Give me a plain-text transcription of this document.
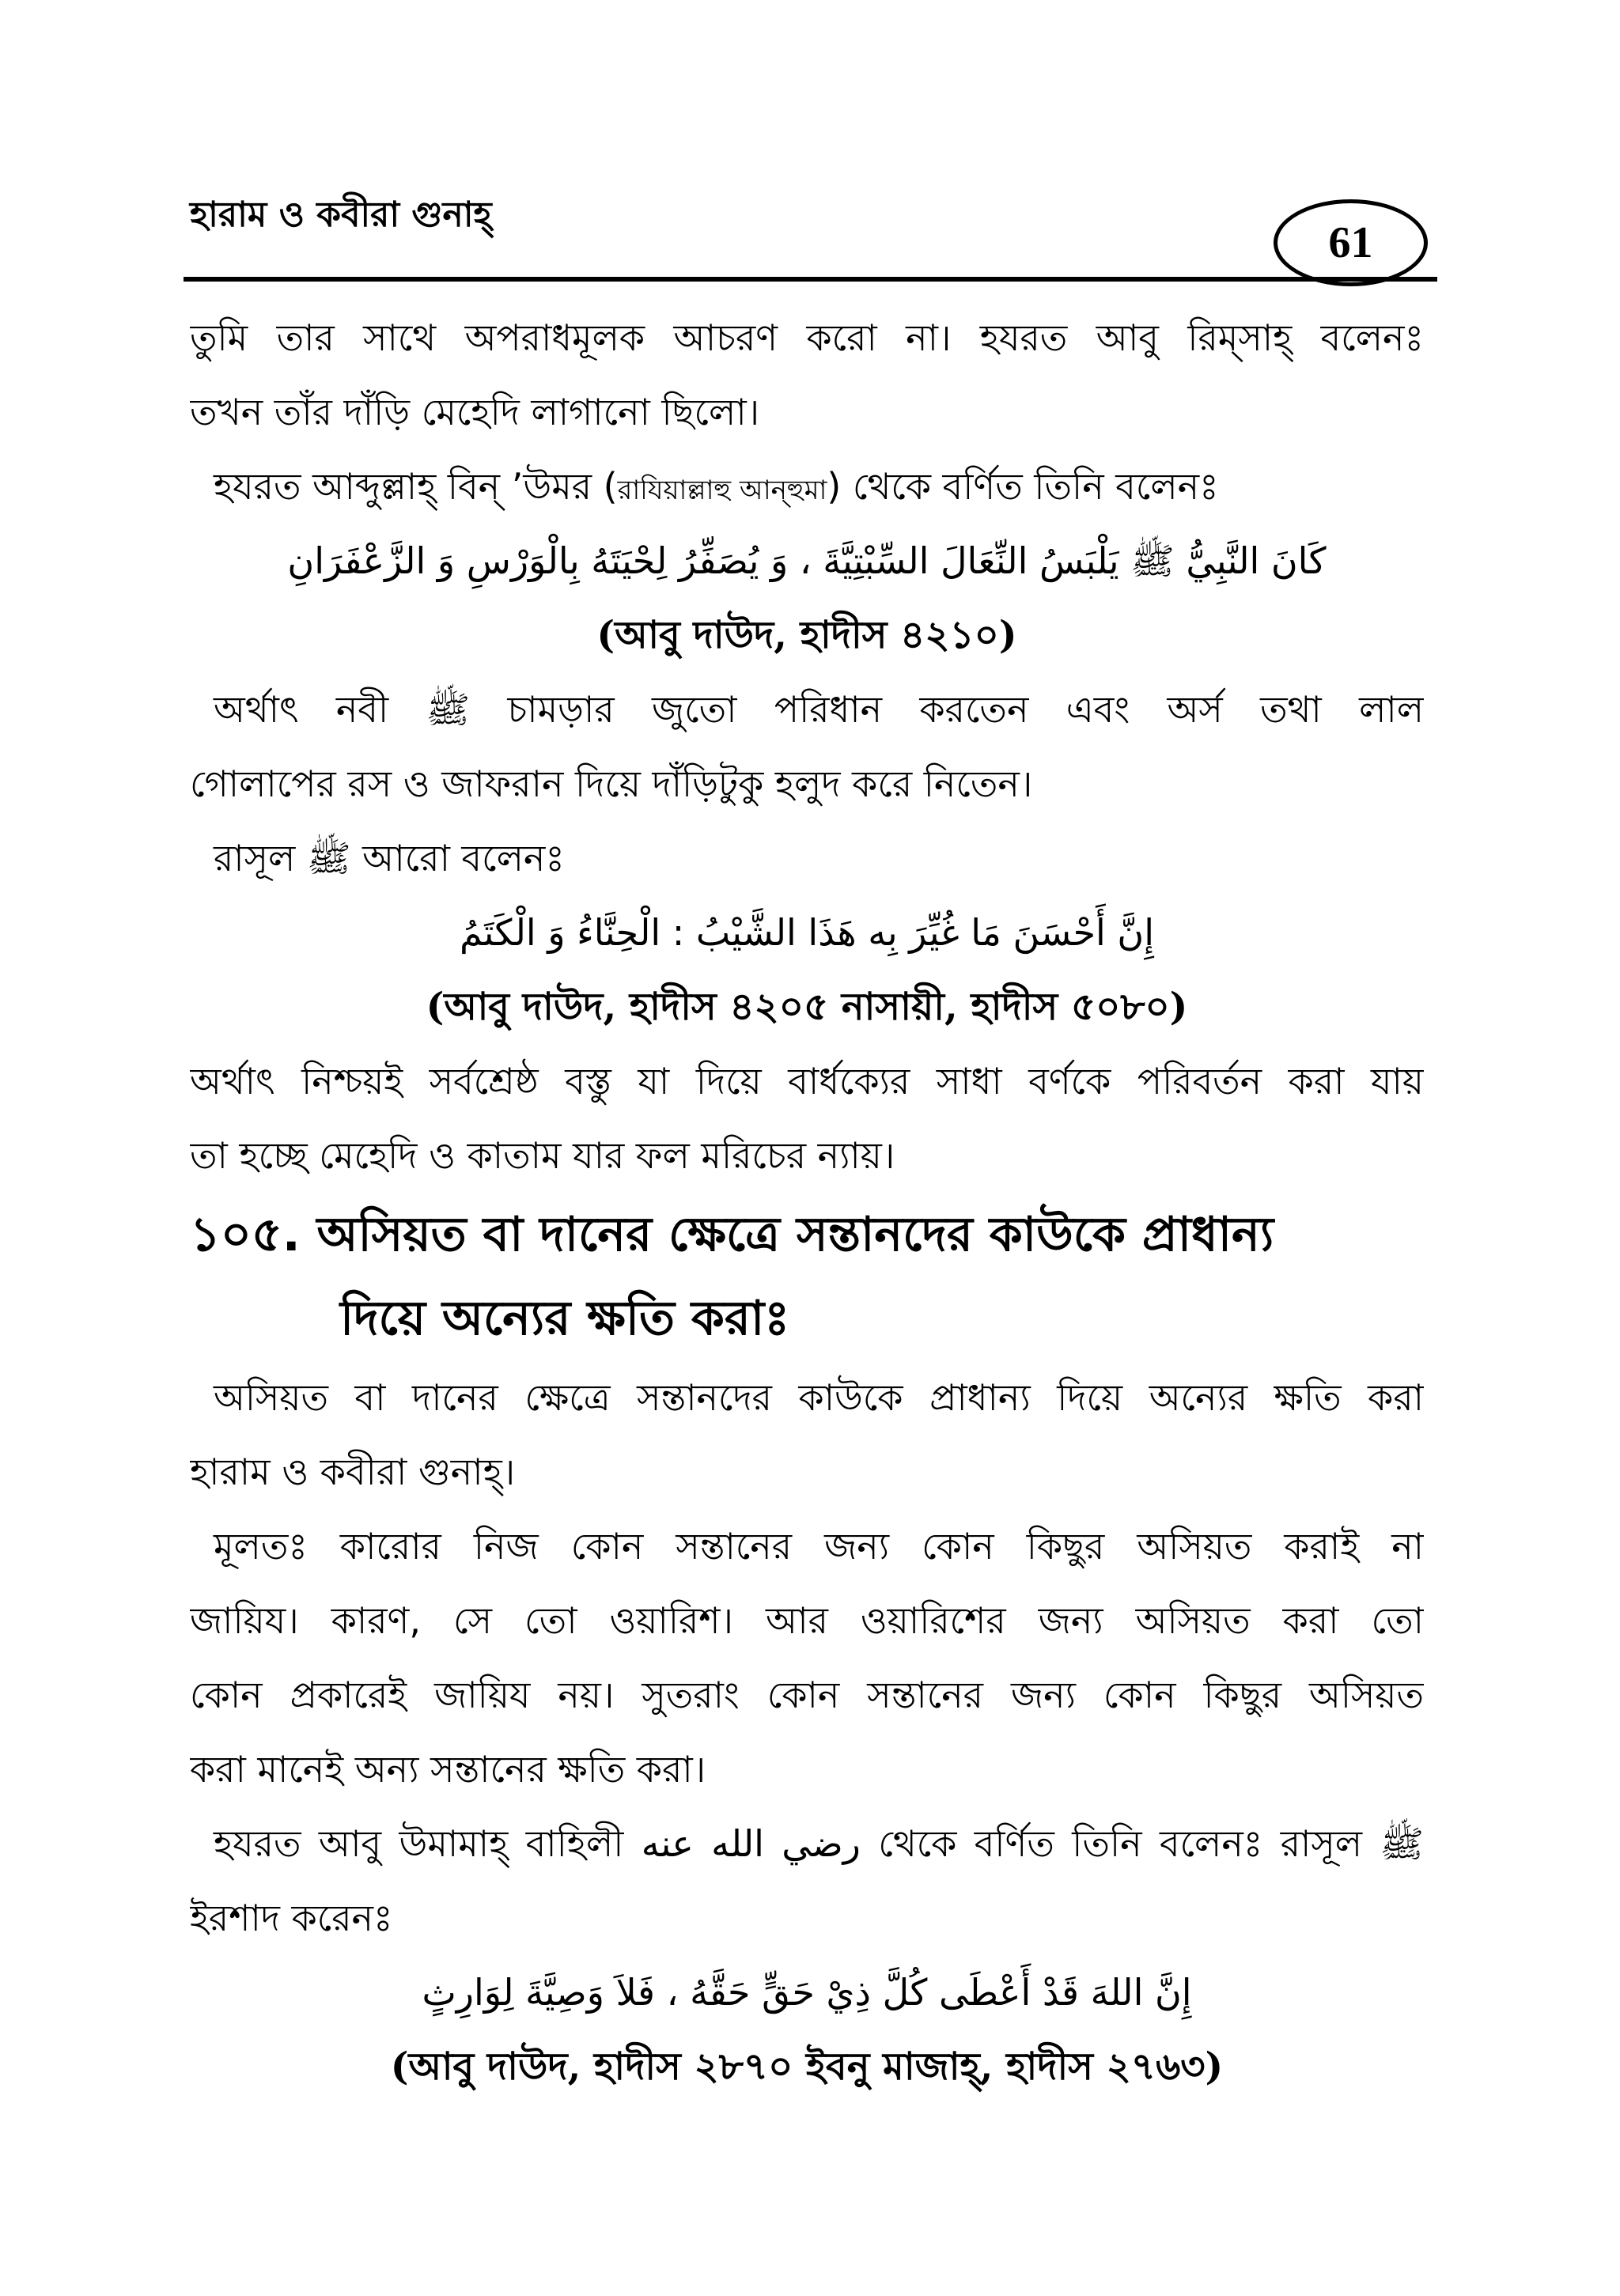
হারাম ও কবীরা গুনাহ্
61
তুমি তার সাথে অপরাধমূলক আচরণ করো না। হযরত আবু রিম্‌সাহ্‌ বলেনঃ
তখন তাঁর দাঁড়ি মেহেদি লাগানো ছিলো।
হযরত আব্দুল্লাহ্‌ বিন্‌ ’উমর (রাযিয়াল্লাহু আন্‌হুমা) থেকে বর্ণিত তিনি বলেনঃ
كَانَ النَّبِيُّ ﷺ يَلْبَسُ النِّعَالَ السِّبْتِيَّةَ ، وَ يُصَفِّرُ لِحْيَتَهُ بِالْوَرْسِ وَ الزَّعْفَرَانِ
(আবু দাউদ, হাদীস ৪২১০)
অর্থাৎ নবী ﷺ চামড়ার জুতো পরিধান করতেন এবং অর্স তথা লাল
গোলাপের রস ও জাফরান দিয়ে দাঁড়িটুকু হলুদ করে নিতেন।
রাসূল ﷺ আরো বলেনঃ
إِنَّ أَحْسَنَ مَا غُيِّرَ بِه هَذَا الشَّيْبُ : الْحِنَّاءُ وَ الْكَتَمُ
(আবু দাউদ, হাদীস ৪২০৫ নাসায়ী, হাদীস ৫০৮০)
অর্থাৎ নিশ্চয়ই সর্বশ্রেষ্ঠ বস্তু যা দিয়ে বার্ধক্যের সাধা বর্ণকে পরিবর্তন করা যায়
তা হচ্ছে মেহেদি ও কাতাম যার ফল মরিচের ন্যায়।
১০৫. অসিয়ত বা দানের ক্ষেত্রে সন্তানদের কাউকে প্রাধান্য
দিয়ে অন্যের ক্ষতি করাঃ
অসিয়ত বা দানের ক্ষেত্রে সন্তানদের কাউকে প্রাধান্য দিয়ে অন্যের ক্ষতি করা
হারাম ও কবীরা গুনাহ্‌।
মূলতঃ কারোর নিজ কোন সন্তানের জন্য কোন কিছুর অসিয়ত করাই না
জায়িয। কারণ, সে তো ওয়ারিশ। আর ওয়ারিশের জন্য অসিয়ত করা তো
কোন প্রকারেই জায়িয নয়। সুতরাং কোন সন্তানের জন্য কোন কিছুর অসিয়ত
করা মানেই অন্য সন্তানের ক্ষতি করা।
হযরত আবু উমামাহ্‌ বাহিলী رضي الله عنه থেকে বর্ণিত তিনি বলেনঃ রাসূল ﷺ
ইরশাদ করেনঃ
إِنَّ اللهَ قَدْ أَعْطَى كُلَّ ذِيْ حَقٍّ حَقَّهُ ، فَلاَ وَصِيَّةَ لِوَارِثٍ
(আবু দাউদ, হাদীস ২৮৭০ ইবনু মাজাহ্‌, হাদীস ২৭৬৩)
